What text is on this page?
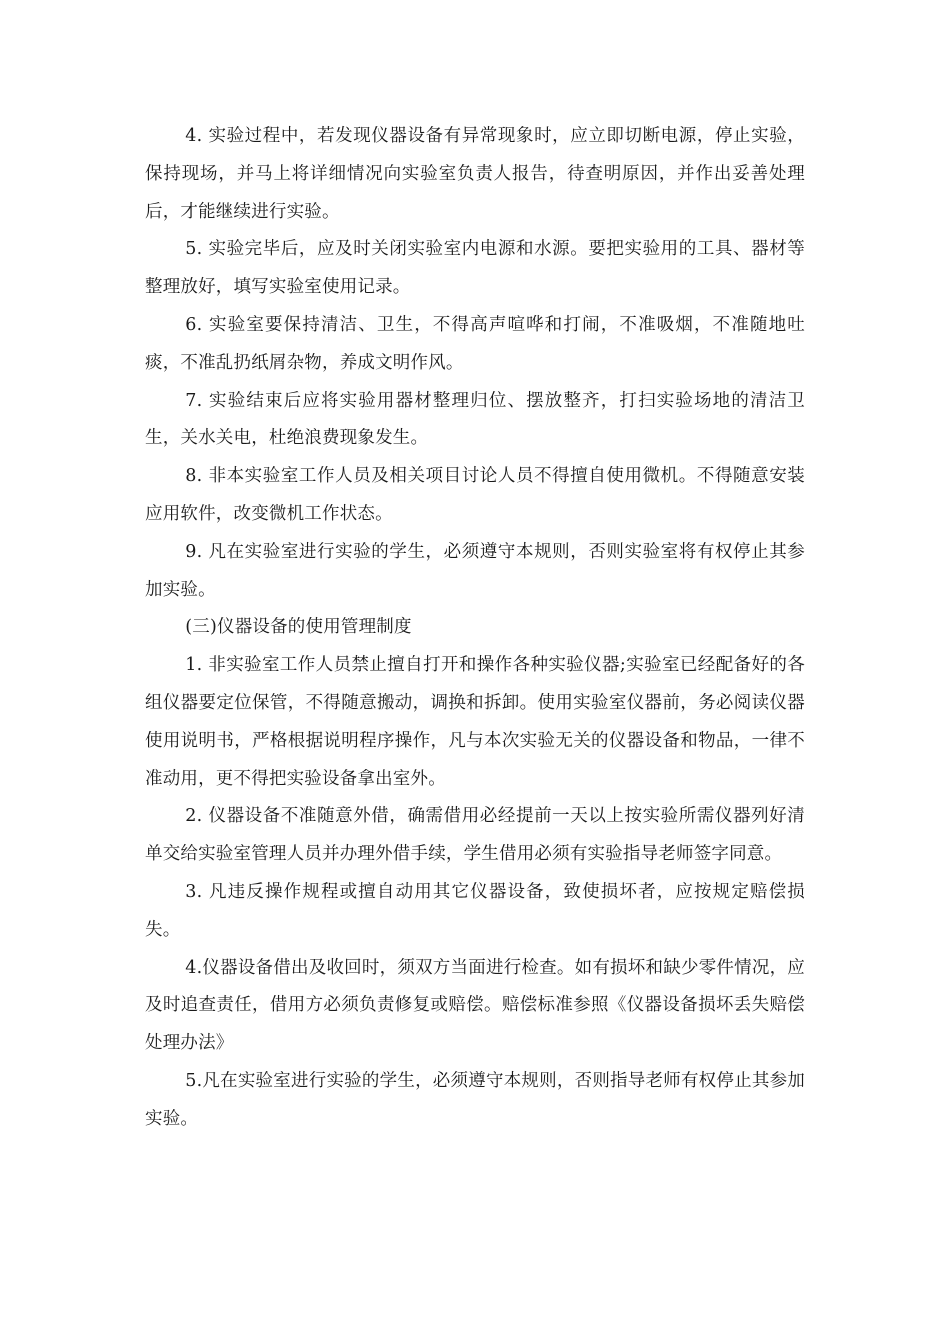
4. 实验过程中，若发现仪器设备有异常现象时，应立即切断电源，停止实验，保持现场，并马上将详细情况向实验室负责人报告，待查明原因，并作出妥善处理后，才能继续进行实验。

5. 实验完毕后，应及时关闭实验室内电源和水源。要把实验用的工具、器材等整理放好，填写实验室使用记录。

6. 实验室要保持清洁、卫生，不得高声喧哗和打闹，不准吸烟，不准随地吐痰，不准乱扔纸屑杂物，养成文明作风。

7. 实验结束后应将实验用器材整理归位、摆放整齐，打扫实验场地的清洁卫生，关水关电，杜绝浪费现象发生。

8. 非本实验室工作人员及相关项目讨论人员不得擅自使用微机。不得随意安装应用软件，改变微机工作状态。

9. 凡在实验室进行实验的学生，必须遵守本规则，否则实验室将有权停止其参加实验。

(三)仪器设备的使用管理制度

1. 非实验室工作人员禁止擅自打开和操作各种实验仪器;实验室已经配备好的各组仪器要定位保管，不得随意搬动，调换和拆卸。使用实验室仪器前，务必阅读仪器使用说明书，严格根据说明程序操作，凡与本次实验无关的仪器设备和物品，一律不准动用，更不得把实验设备拿出室外。

2. 仪器设备不准随意外借，确需借用必经提前一天以上按实验所需仪器列好清单交给实验室管理人员并办理外借手续，学生借用必须有实验指导老师签字同意。

3. 凡违反操作规程或擅自动用其它仪器设备，致使损坏者，应按规定赔偿损失。

4.仪器设备借出及收回时，须双方当面进行检查。如有损坏和缺少零件情况，应及时追查责任，借用方必须负责修复或赔偿。赔偿标准参照《仪器设备损坏丢失赔偿处理办法》

5.凡在实验室进行实验的学生，必须遵守本规则，否则指导老师有权停止其参加实验。
